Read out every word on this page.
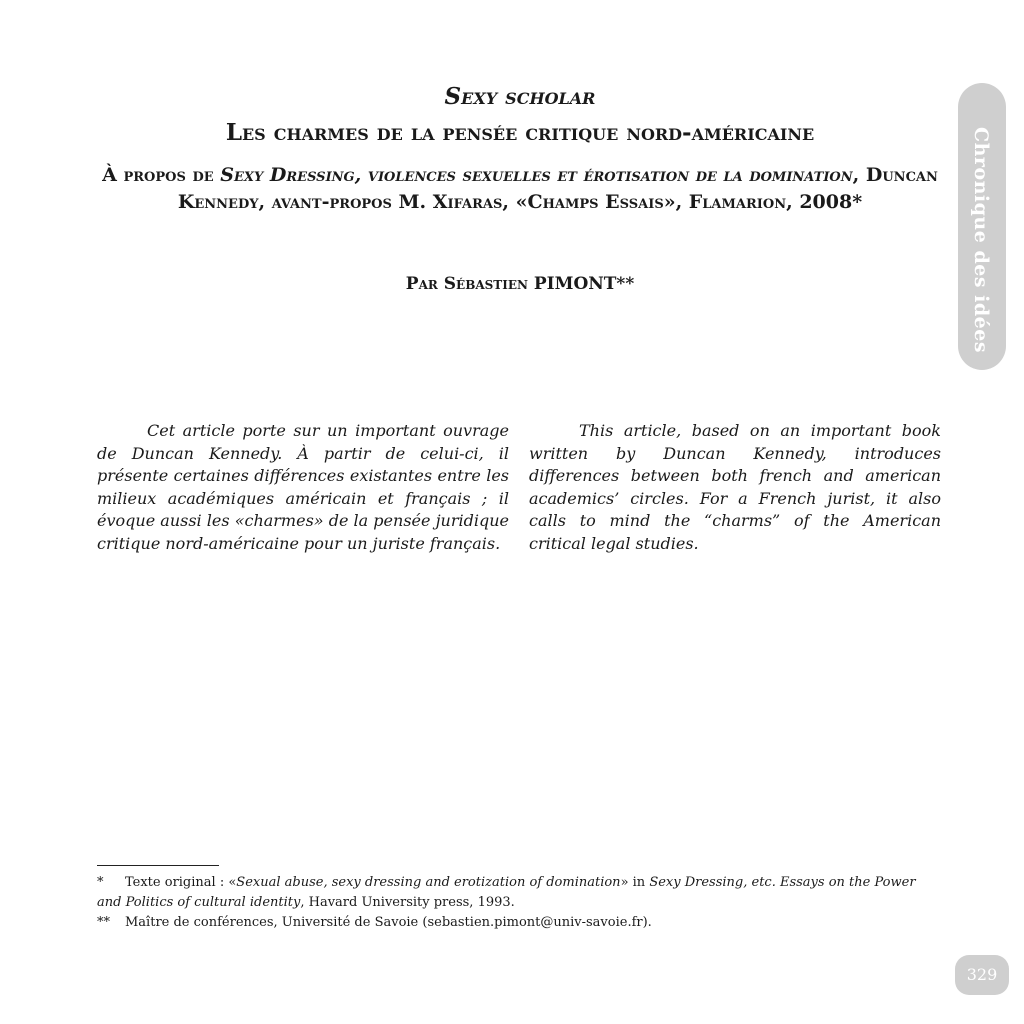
Sexy scholar
Les charmes de la pensée critique nord-américaine
À propos de Sexy Dressing, violences sexuelles et érotisation de la domination, Duncan Kennedy, avant-propos M. Xifaras, «Champs Essais», Flamarion, 2008*
Par Sébastien PIMONT**	Chronique des idées

Cet article porte sur un important ouvrage de Duncan Kennedy. À partir de celui-ci, il présente certaines différences existantes entre les milieux académiques américain et français ; il évoque aussi les «charmes» de la pensée juridique critique nord-américaine pour un juriste français.

This article, based on an important book written by Duncan Kennedy, introduces differences between both french and american academics’ circles. For a French jurist, it also calls to mind the “charms” of the American critical legal studies.

* Texte original : «Sexual abuse, sexy dressing and erotization of domination» in Sexy Dressing, etc. Essays on the Power and Politics of cultural identity, Havard University press, 1993.

** Maître de conférences, Université de Savoie (sebastien.pimont@univ-savoie.fr).

329
